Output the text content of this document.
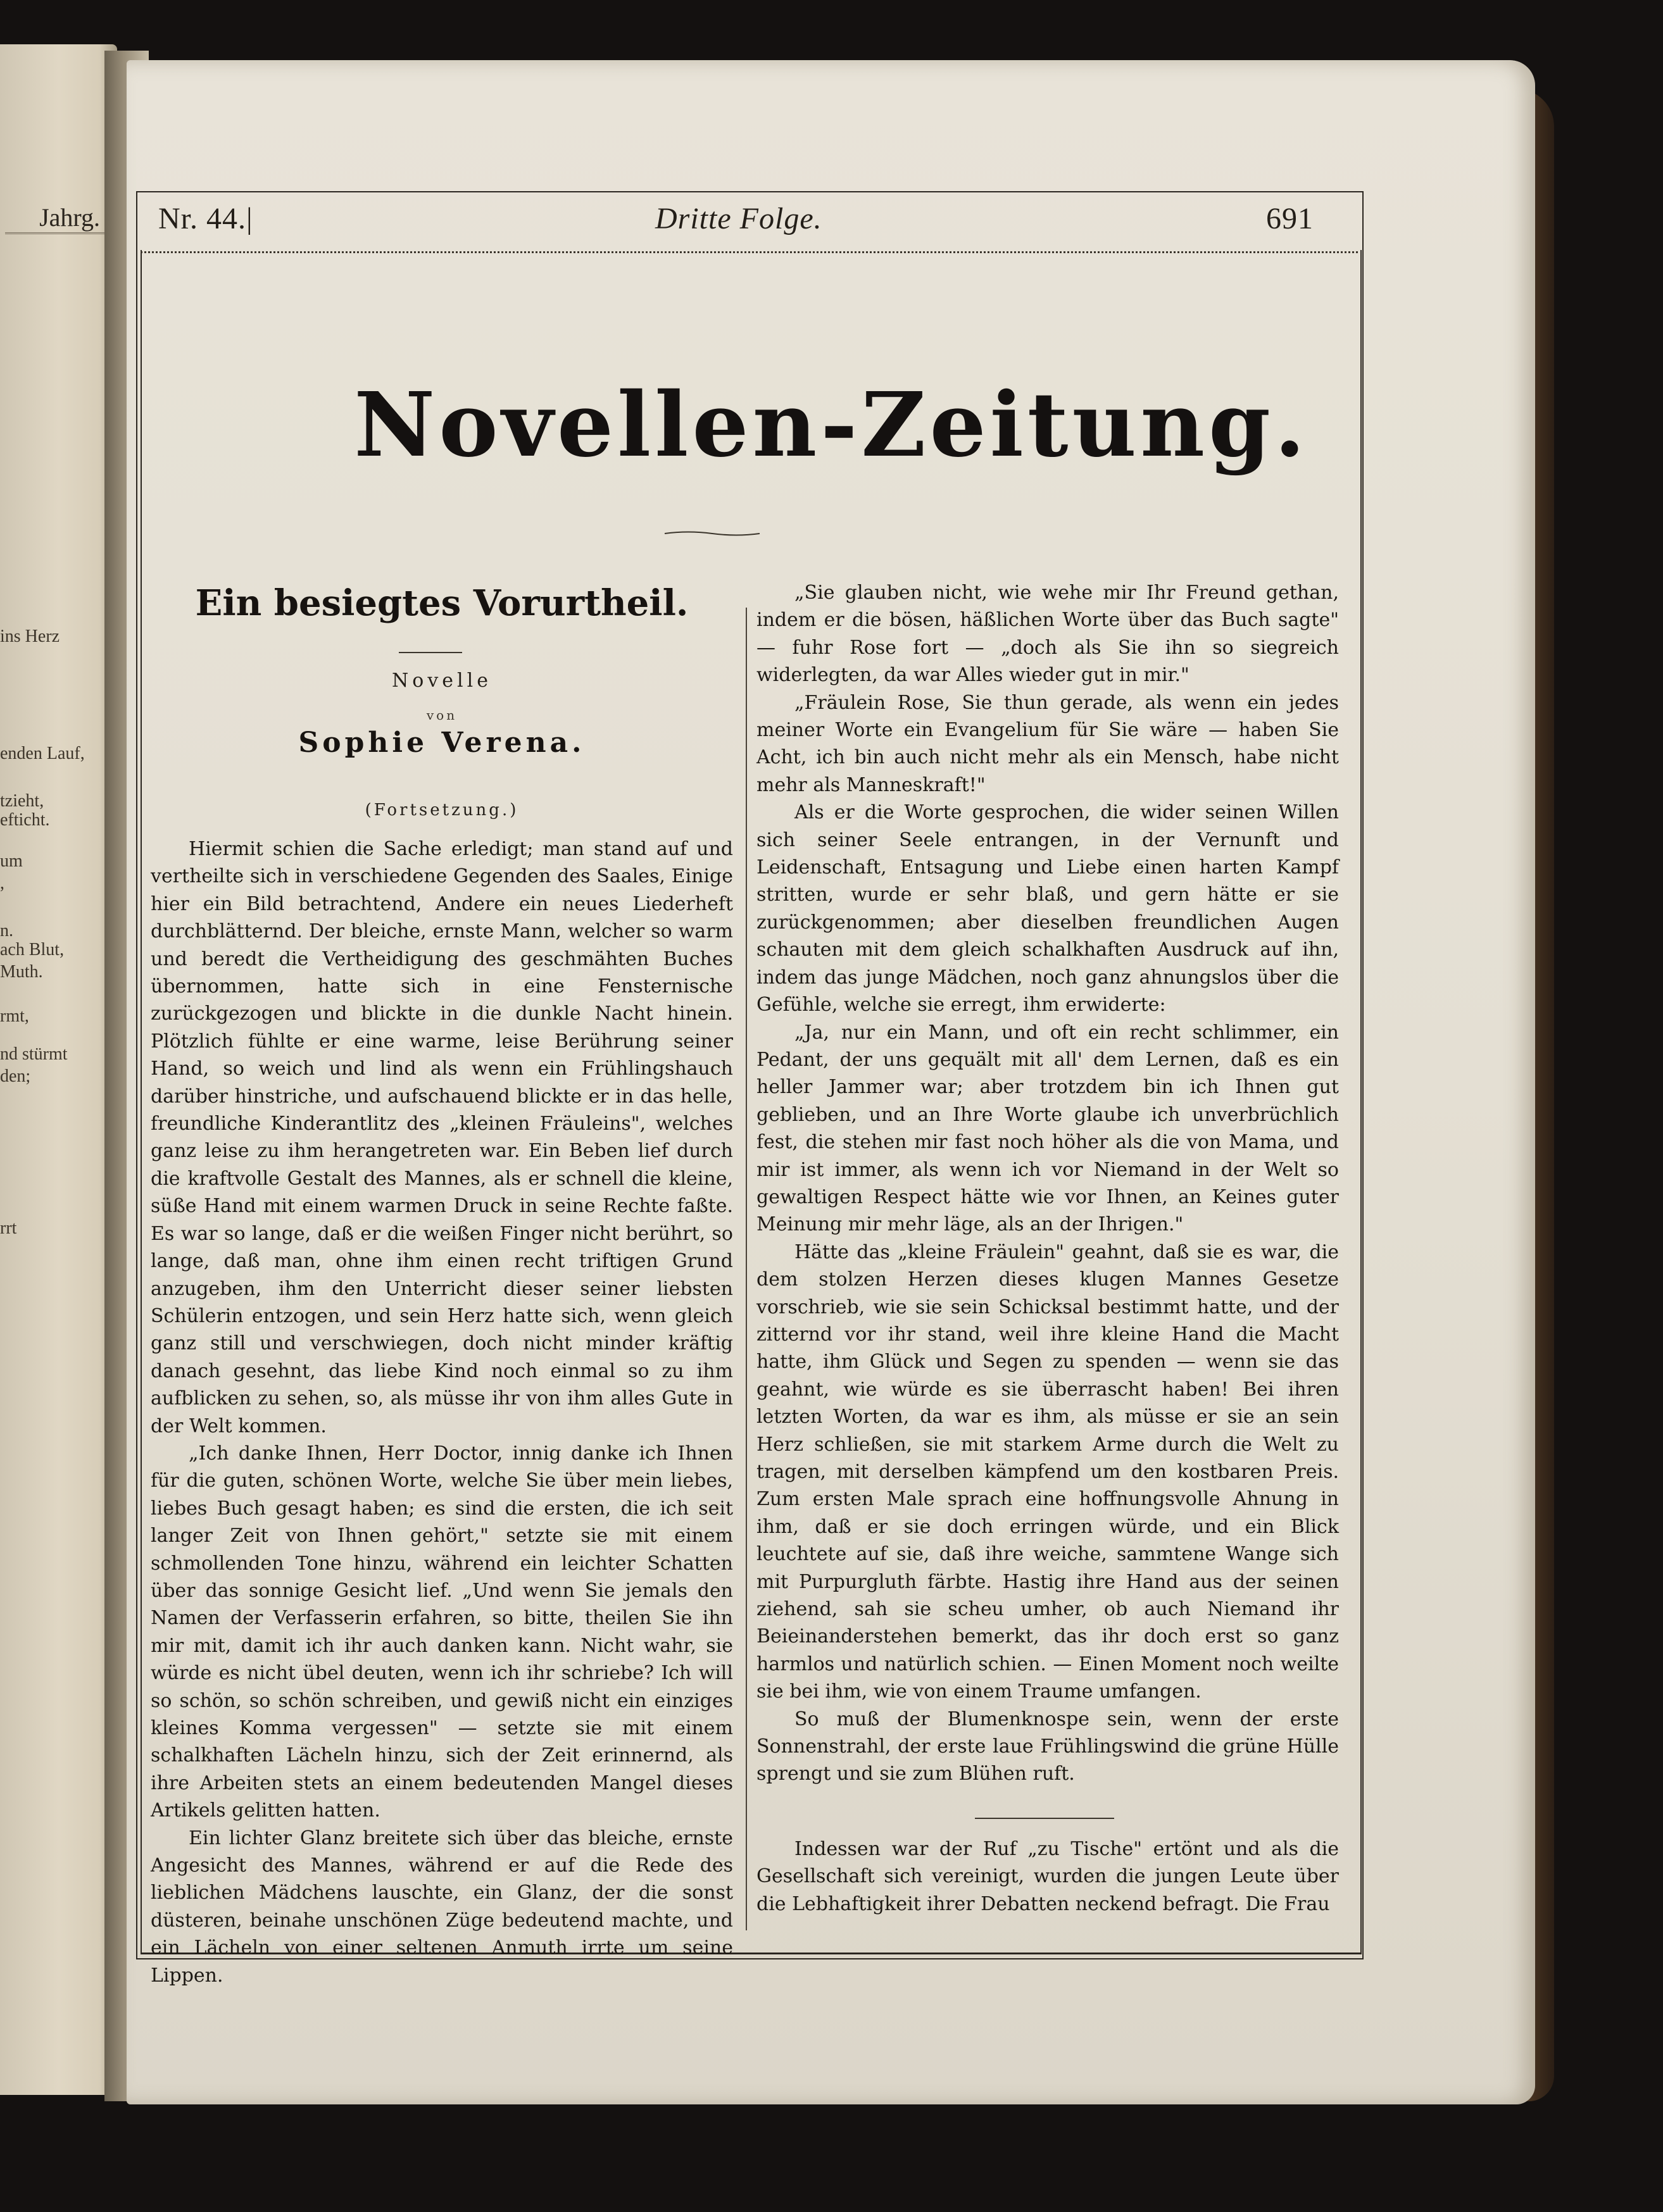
Jahrg.
ins Herz
enden Lauf,
tzieht,
efticht.
um
,
n.
ach Blut,
Muth.
rmt,
nd stürmt
den;
rrt
Nr. 44.|	Dritte Folge.	691
Novellen-Zeitung.
Ein besiegtes Vorurtheil.
Novelle
von
Sophie Verena.
(Fortsetzung.)

Hiermit schien die Sache erledigt; man stand auf und vertheilte sich in verschiedene Gegenden des Saales, Einige hier ein Bild betrachtend, Andere ein neues Liederheft durchblätternd. Der bleiche, ernste Mann, welcher so warm und beredt die Vertheidigung des geschmähten Buches übernommen, hatte sich in eine Fensternische zurückgezogen und blickte in die dunkle Nacht hinein. Plötzlich fühlte er eine warme, leise Berührung seiner Hand, so weich und lind als wenn ein Frühlingshauch darüber hinstriche, und aufschauend blickte er in das helle, freundliche Kinderantlitz des „kleinen Fräuleins", welches ganz leise zu ihm herangetreten war. Ein Beben lief durch die kraftvolle Gestalt des Mannes, als er schnell die kleine, süße Hand mit einem warmen Druck in seine Rechte faßte. Es war so lange, daß er die weißen Finger nicht berührt, so lange, daß man, ohne ihm einen recht triftigen Grund anzugeben, ihm den Unterricht dieser seiner liebsten Schülerin entzogen, und sein Herz hatte sich, wenn gleich ganz still und verschwiegen, doch nicht minder kräftig danach gesehnt, das liebe Kind noch einmal so zu ihm aufblicken zu sehen, so, als müsse ihr von ihm alles Gute in der Welt kommen.

„Ich danke Ihnen, Herr Doctor, innig danke ich Ihnen für die guten, schönen Worte, welche Sie über mein liebes, liebes Buch gesagt haben; es sind die ersten, die ich seit langer Zeit von Ihnen gehört," setzte sie mit einem schmollenden Tone hinzu, während ein leichter Schatten über das sonnige Gesicht lief. „Und wenn Sie jemals den Namen der Verfasserin erfahren, so bitte, theilen Sie ihn mir mit, damit ich ihr auch danken kann. Nicht wahr, sie würde es nicht übel deuten, wenn ich ihr schriebe? Ich will so schön, so schön schreiben, und gewiß nicht ein einziges kleines Komma vergessen" — setzte sie mit einem schalkhaften Lächeln hinzu, sich der Zeit erinnernd, als ihre Arbeiten stets an einem bedeutenden Mangel dieses Artikels gelitten hatten.

Ein lichter Glanz breitete sich über das bleiche, ernste Angesicht des Mannes, während er auf die Rede des lieblichen Mädchens lauschte, ein Glanz, der die sonst düsteren, beinahe unschönen Züge bedeutend machte, und ein Lächeln von einer seltenen Anmuth irrte um seine Lippen.

„Sie glauben nicht, wie wehe mir Ihr Freund gethan, indem er die bösen, häßlichen Worte über das Buch sagte" — fuhr Rose fort — „doch als Sie ihn so siegreich widerlegten, da war Alles wieder gut in mir."

„Fräulein Rose, Sie thun gerade, als wenn ein jedes meiner Worte ein Evangelium für Sie wäre — haben Sie Acht, ich bin auch nicht mehr als ein Mensch, habe nicht mehr als Manneskraft!"

Als er die Worte gesprochen, die wider seinen Willen sich seiner Seele entrangen, in der Vernunft und Leidenschaft, Entsagung und Liebe einen harten Kampf stritten, wurde er sehr blaß, und gern hätte er sie zurückgenommen; aber dieselben freundlichen Augen schauten mit dem gleich schalkhaften Ausdruck auf ihn, indem das junge Mädchen, noch ganz ahnungslos über die Gefühle, welche sie erregt, ihm erwiderte:

„Ja, nur ein Mann, und oft ein recht schlimmer, ein Pedant, der uns gequält mit all' dem Lernen, daß es ein heller Jammer war; aber trotzdem bin ich Ihnen gut geblieben, und an Ihre Worte glaube ich unverbrüchlich fest, die stehen mir fast noch höher als die von Mama, und mir ist immer, als wenn ich vor Niemand in der Welt so gewaltigen Respect hätte wie vor Ihnen, an Keines guter Meinung mir mehr läge, als an der Ihrigen."

Hätte das „kleine Fräulein" geahnt, daß sie es war, die dem stolzen Herzen dieses klugen Mannes Gesetze vorschrieb, wie sie sein Schicksal bestimmt hatte, und der zitternd vor ihr stand, weil ihre kleine Hand die Macht hatte, ihm Glück und Segen zu spenden — wenn sie das geahnt, wie würde es sie überrascht haben! Bei ihren letzten Worten, da war es ihm, als müsse er sie an sein Herz schließen, sie mit starkem Arme durch die Welt zu tragen, mit derselben kämpfend um den kostbaren Preis. Zum ersten Male sprach eine hoffnungsvolle Ahnung in ihm, daß er sie doch erringen würde, und ein Blick leuchtete auf sie, daß ihre weiche, sammtene Wange sich mit Purpurgluth färbte. Hastig ihre Hand aus der seinen ziehend, sah sie scheu umher, ob auch Niemand ihr Beieinanderstehen bemerkt, das ihr doch erst so ganz harmlos und natürlich schien. — Einen Moment noch weilte sie bei ihm, wie von einem Traume umfangen.

So muß der Blumenknospe sein, wenn der erste Sonnenstrahl, der erste laue Frühlingswind die grüne Hülle sprengt und sie zum Blühen ruft.

Indessen war der Ruf „zu Tische" ertönt und als die Gesellschaft sich vereinigt, wurden die jungen Leute über die Lebhaftigkeit ihrer Debatten neckend befragt. Die Frau
